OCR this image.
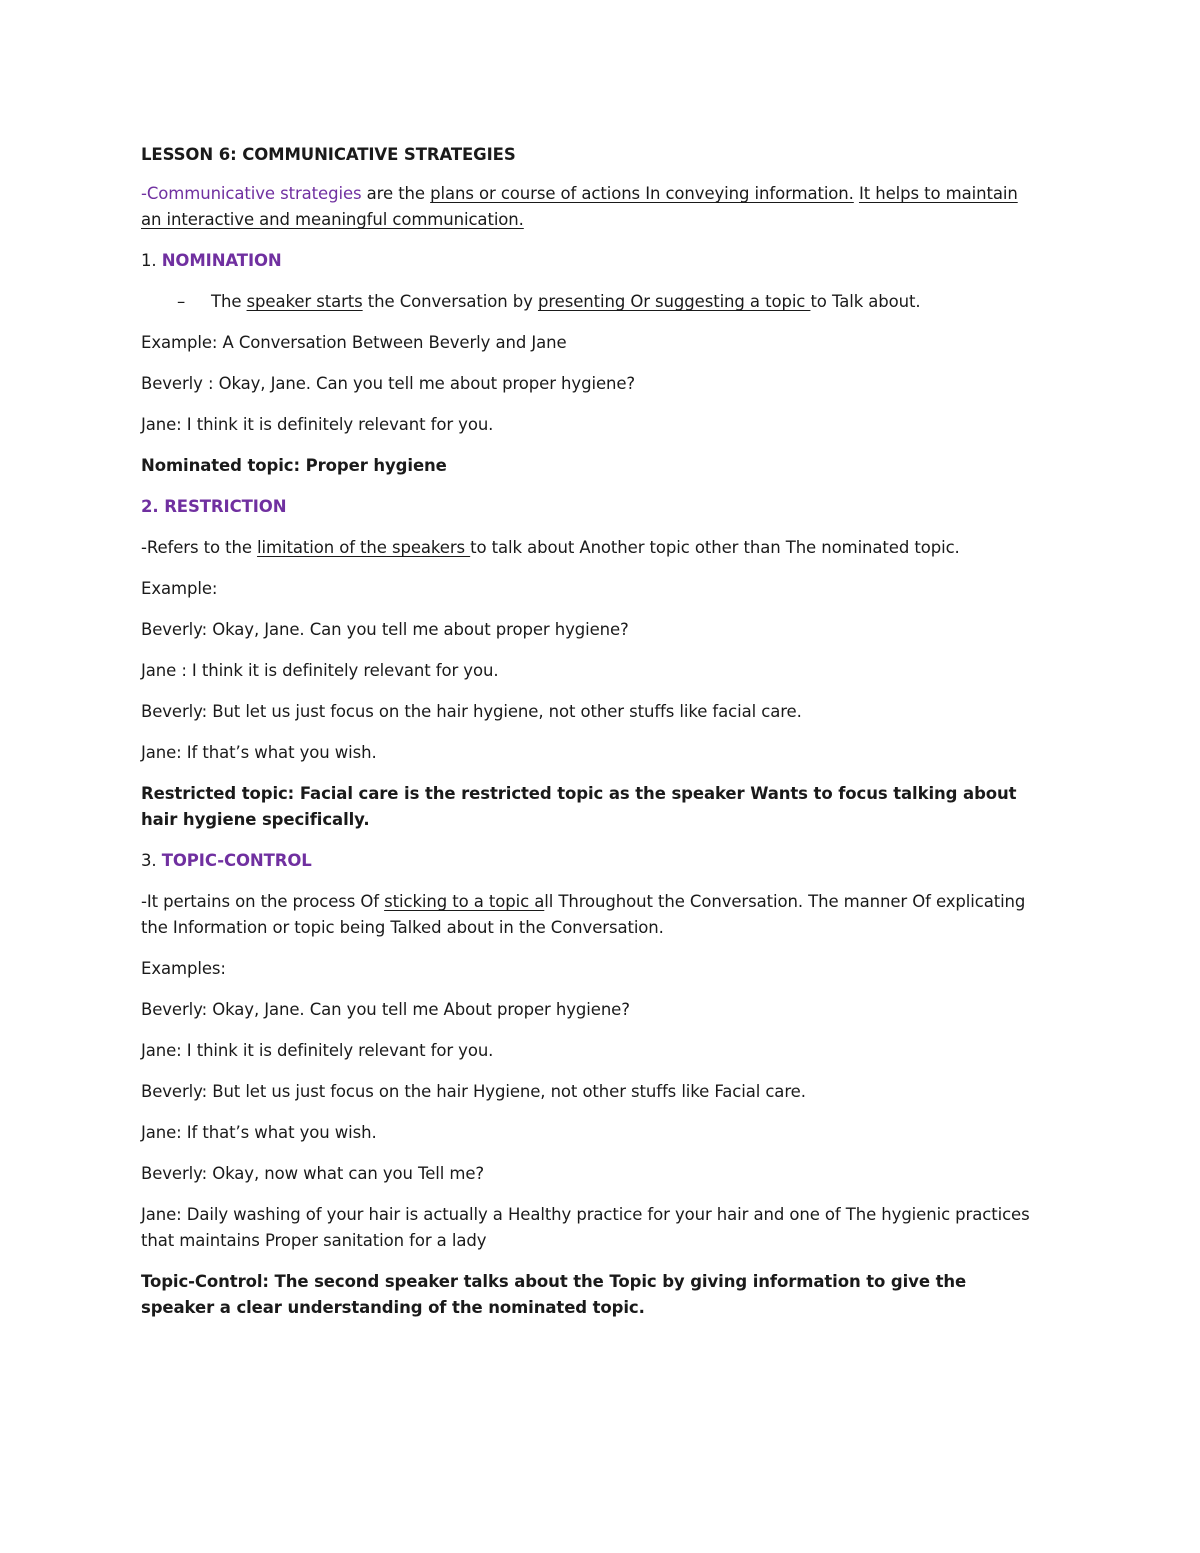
LESSON 6: COMMUNICATIVE STRATEGIES

-Communicative strategies are the plans or course of actions In conveying information. It helps to maintain an interactive and meaningful communication.

1. NOMINATION

– The speaker starts the Conversation by presenting Or suggesting a topic to Talk about.

Example: A Conversation Between Beverly and Jane

Beverly : Okay, Jane. Can you tell me about proper hygiene?

Jane: I think it is definitely relevant for you.

Nominated topic: Proper hygiene

2. RESTRICTION

-Refers to the limitation of the speakers to talk about Another topic other than The nominated topic.

Example:

Beverly: Okay, Jane. Can you tell me about proper hygiene?

Jane : I think it is definitely relevant for you.

Beverly: But let us just focus on the hair hygiene, not other stuffs like facial care.

Jane: If that’s what you wish.

Restricted topic: Facial care is the restricted topic as the speaker Wants to focus talking about hair hygiene specifically.

3. TOPIC-CONTROL

-It pertains on the process Of sticking to a topic all Throughout the Conversation. The manner Of explicating the Information or topic being Talked about in the Conversation.

Examples:

Beverly: Okay, Jane. Can you tell me About proper hygiene?

Jane: I think it is definitely relevant for you.

Beverly: But let us just focus on the hair Hygiene, not other stuffs like Facial care.

Jane: If that’s what you wish.

Beverly: Okay, now what can you Tell me?

Jane: Daily washing of your hair is actually a Healthy practice for your hair and one of The hygienic practices that maintains Proper sanitation for a lady

Topic-Control: The second speaker talks about the Topic by giving information to give the speaker a clear understanding of the nominated topic.
